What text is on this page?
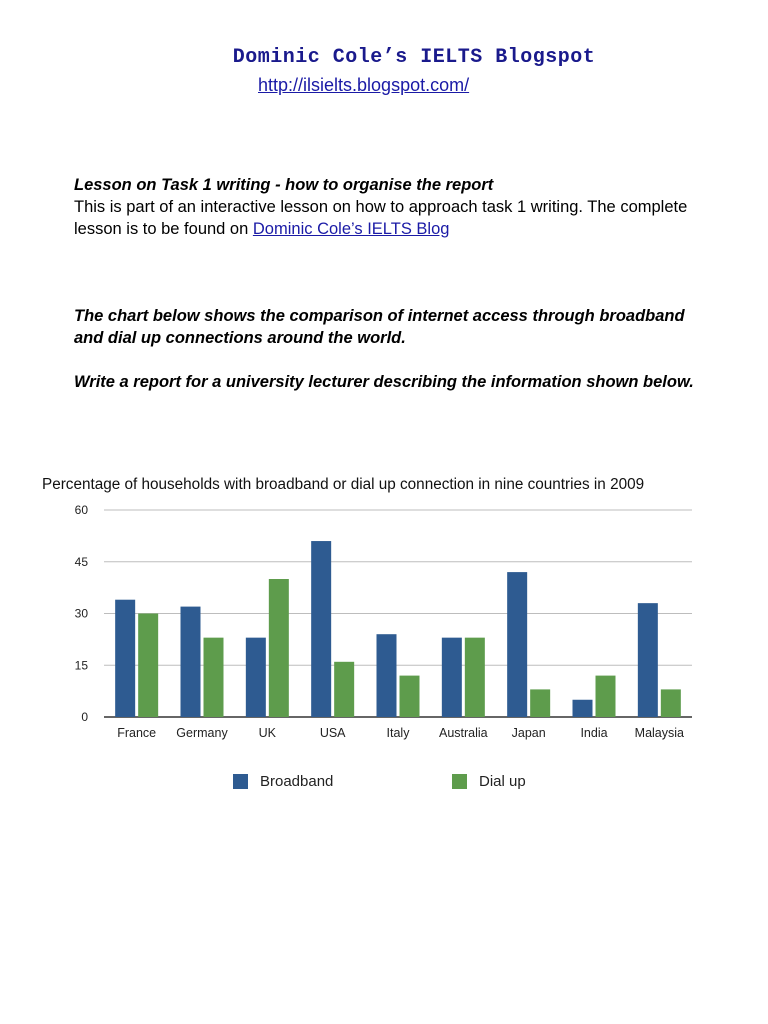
Dominic Cole’s IELTS Blogspot
http://ilsielts.blogspot.com/
Lesson on Task 1 writing - how to organise the report
This is part of an interactive lesson on how to approach task 1 writing. The complete lesson is to be found on Dominic Cole’s IELTS Blog

The chart below shows the comparison of internet access through broadband and dial up connections around the world.

Write a report for a university lecturer describing the information shown below.

Percentage of households with broadband or dial up connection in nine countries in 2009
0
15
30
45
60
France Germany UK	USA	Italy Australia Japan	India Malaysia
Broadband	Dial up
